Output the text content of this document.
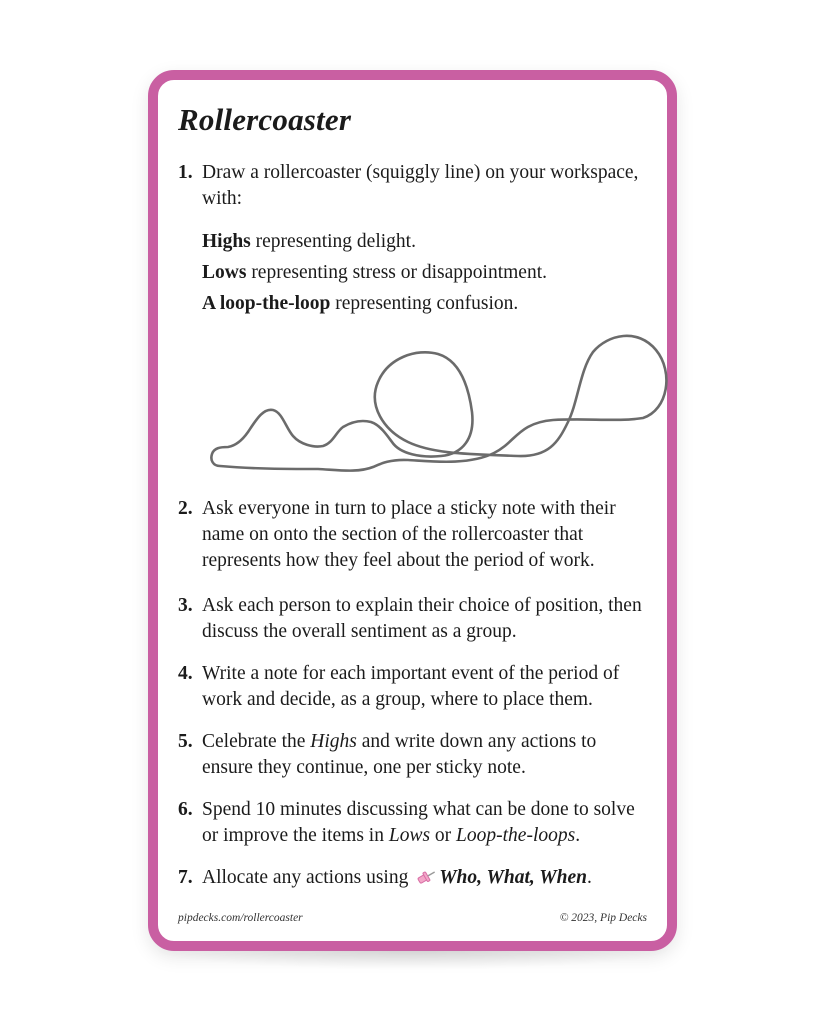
Rollercoaster
1. Draw a rollercoaster (squiggly line) on your workspace, with:
Highs representing delight.
Lows representing stress or disappointment.
A loop-the-loop representing confusion.
2. Ask everyone in turn to place a sticky note with their name on onto the section of the rollercoaster that represents how they feel about the period of work.
3. Ask each person to explain their choice of position, then discuss the overall sentiment as a group.
4. Write a note for each important event of the period of work and decide, as a group, where to place them.
5. Celebrate the Highs and write down any actions to ensure they continue, one per sticky note.
6. Spend 10 minutes discussing what can be done to solve or improve the items in Lows or Loop-the-loops.
7. Allocate any actions using Who, What, When.
pipdecks.com/rollercoaster	© 2023, Pip Decks
